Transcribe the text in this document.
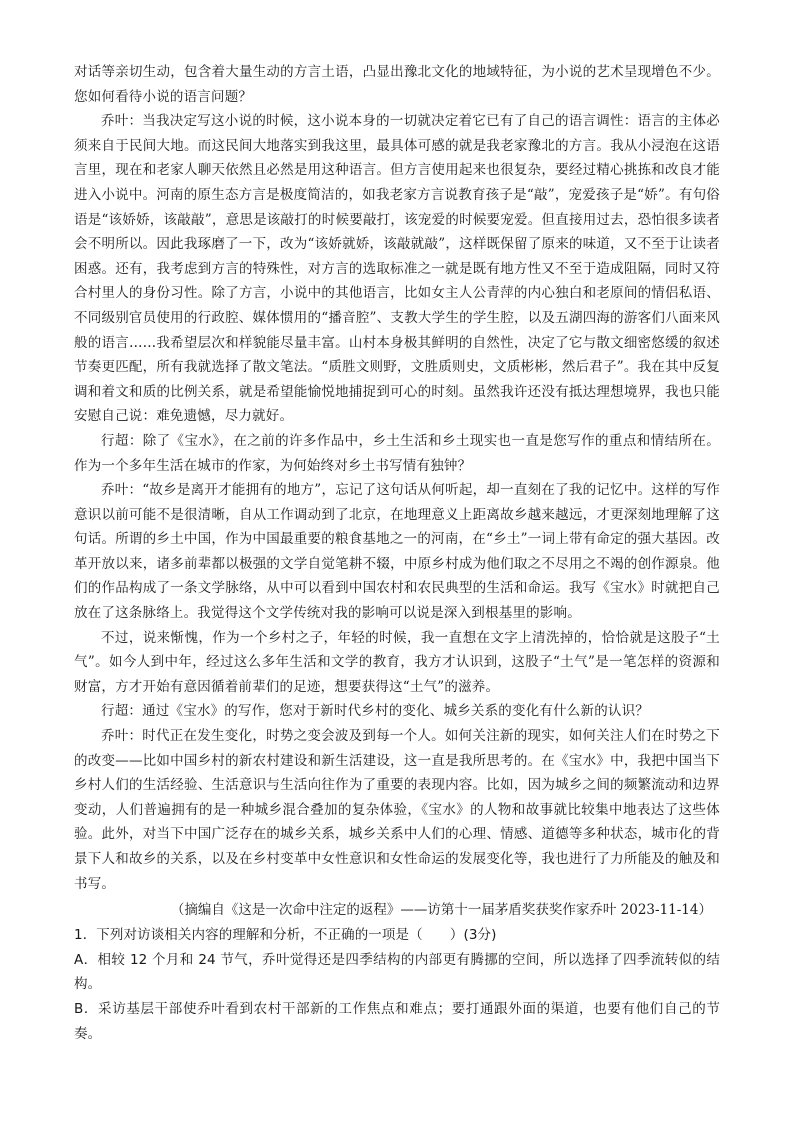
对话等亲切生动，包含着大量生动的方言土语，凸显出豫北文化的地域特征，为小说的艺术呈现增色不少。您如何看待小说的语言问题？

乔叶：当我决定写这小说的时候，这小说本身的一切就决定着它已有了自己的语言调性：语言的主体必须来自于民间大地。而这民间大地落实到我这里，最具体可感的就是我老家豫北的方言。我从小浸泡在这语言里，现在和老家人聊天依然且必然是用这种语言。但方言使用起来也很复杂，要经过精心挑拣和改良才能进入小说中。河南的原生态方言是极度简洁的，如我老家方言说教育孩子是“敲”，宠爱孩子是“娇”。有句俗语是“该娇娇，该敲敲”，意思是该敲打的时候要敲打，该宠爱的时候要宠爱。但直接用过去，恐怕很多读者会不明所以。因此我琢磨了一下，改为“该娇就娇，该敲就敲”，这样既保留了原来的味道，又不至于让读者困惑。还有，我考虑到方言的特殊性，对方言的选取标准之一就是既有地方性又不至于造成阻隔，同时又符合村里人的身份习性。除了方言，小说中的其他语言，比如女主人公青萍的内心独白和老原间的情侣私语、不同级别官员使用的行政腔、媒体惯用的“播音腔”、支教大学生的学生腔，以及五湖四海的游客们八面来风般的语言……我希望层次和样貌能尽量丰富。山村本身极其鲜明的自然性，决定了它与散文细密悠缓的叙述节奏更匹配，所有我就选择了散文笔法。“质胜文则野，文胜质则史，文质彬彬，然后君子”。我在其中反复调和着文和质的比例关系，就是希望能愉悦地捕捉到可心的时刻。虽然我许还没有抵达理想境界，我也只能安慰自己说：难免遗憾，尽力就好。

行超：除了《宝水》，在之前的许多作品中，乡土生活和乡土现实也一直是您写作的重点和情结所在。作为一个多年生活在城市的作家，为何始终对乡土书写情有独钟？

乔叶：“故乡是离开才能拥有的地方”，忘记了这句话从何听起，却一直刻在了我的记忆中。这样的写作意识以前可能不是很清晰，自从工作调动到了北京，在地理意义上距离故乡越来越远，才更深刻地理解了这句话。所谓的乡土中国，作为中国最重要的粮食基地之一的河南，在“乡土”一词上带有命定的强大基因。改革开放以来，诸多前辈都以极强的文学自觉笔耕不辍，中原乡村成为他们取之不尽用之不竭的创作源泉。他们的作品构成了一条文学脉络，从中可以看到中国农村和农民典型的生活和命运。我写《宝水》时就把自己放在了这条脉络上。我觉得这个文学传统对我的影响可以说是深入到根基里的影响。

不过，说来惭愧，作为一个乡村之子，年轻的时候，我一直想在文字上清洗掉的，恰恰就是这股子“土气”。如今人到中年，经过这么多年生活和文学的教育，我方才认识到，这股子“土气”是一笔怎样的资源和财富，方才开始有意因循着前辈们的足迹，想要获得这“土气”的滋养。

行超：通过《宝水》的写作，您对于新时代乡村的变化、城乡关系的变化有什么新的认识？

乔叶：时代正在发生变化，时势之变会波及到每一个人。如何关注新的现实，如何关注人们在时势之下的改变——比如中国乡村的新农村建设和新生活建设，这一直是我所思考的。在《宝水》中，我把中国当下乡村人们的生活经验、生活意识与生活向往作为了重要的表现内容。比如，因为城乡之间的频繁流动和边界变动，人们普遍拥有的是一种城乡混合叠加的复杂体验，《宝水》的人物和故事就比较集中地表达了这些体验。此外，对当下中国广泛存在的城乡关系，城乡关系中人们的心理、情感、道德等多种状态，城市化的背景下人和故乡的关系，以及在乡村变革中女性意识和女性命运的发展变化等，我也进行了力所能及的触及和书写。

（摘编自《这是一次命中注定的返程》——访第十一届茅盾奖获奖作家乔叶 2023-11-14）

1．下列对访谈相关内容的理解和分析，不正确的一项是（　　）(3分)

A．相较 12 个月和 24 节气，乔叶觉得还是四季结构的内部更有腾挪的空间，所以选择了四季流转似的结构。

B．采访基层干部使乔叶看到农村干部新的工作焦点和难点；要打通跟外面的渠道，也要有他们自己的节奏。
